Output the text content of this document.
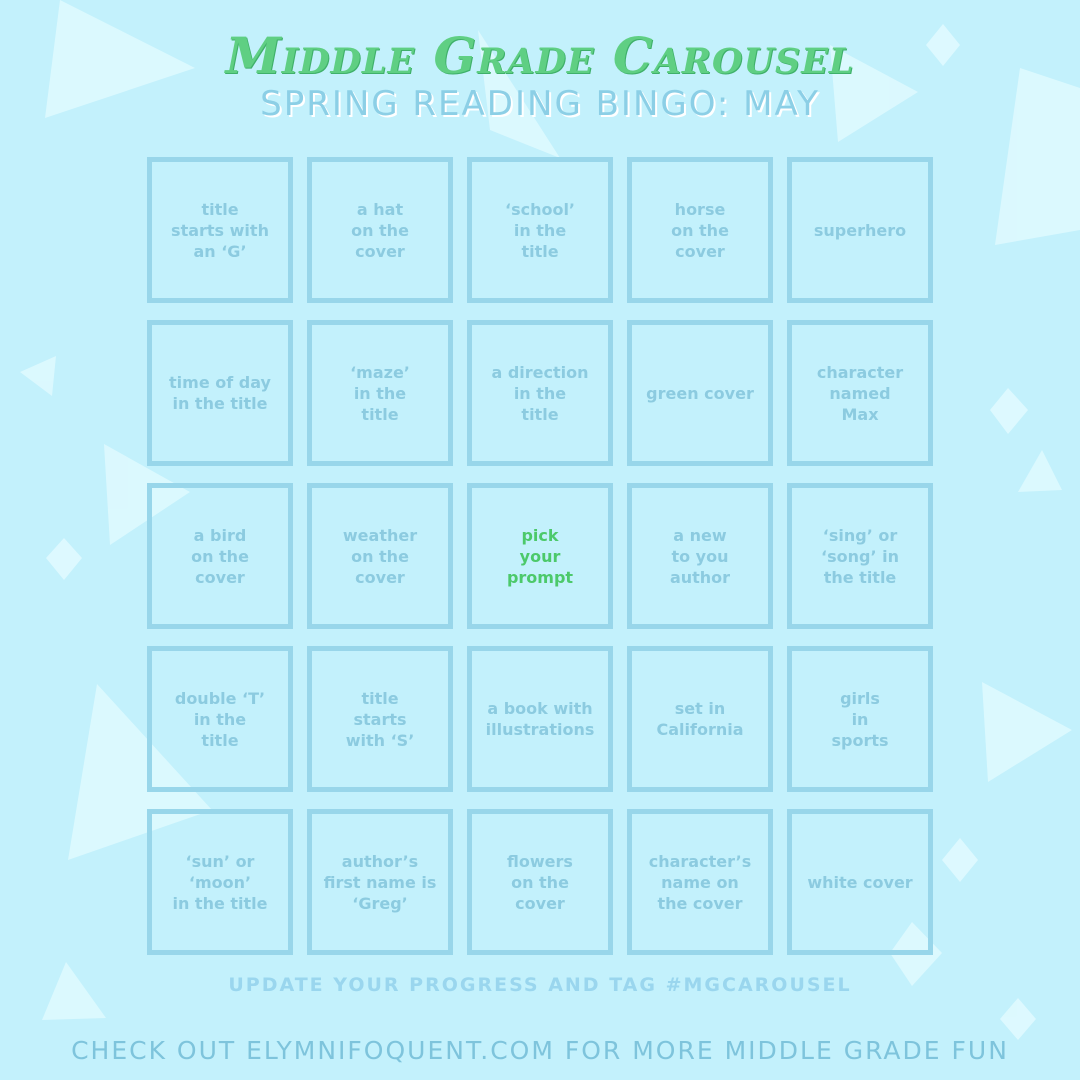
Middle Grade Carousel
SPRING READING BINGO: MAY
title
starts with
an ‘G’
a hat
on the
cover
‘school’
in the
title
horse
on the
cover
superhero
time of day
in the title
‘maze’
in the
title
a direction
in the
title
green cover
character
named
Max
a bird
on the
cover
weather
on the
cover
pick
your
prompt
a new
to you
author
‘sing’ or
‘song’ in
the title
double ‘T’
in the
title
title
starts
with ‘S’
a book with
illustrations
set in
California
girls
in
sports
‘sun’ or
‘moon’
in the title
author’s
first name is
‘Greg’
flowers
on the
cover
character’s
name on
the cover
white cover
UPDATE YOUR PROGRESS AND TAG #MGCAROUSEL
CHECK OUT ELYMNIFOQUENT.COM FOR MORE MIDDLE GRADE FUN
